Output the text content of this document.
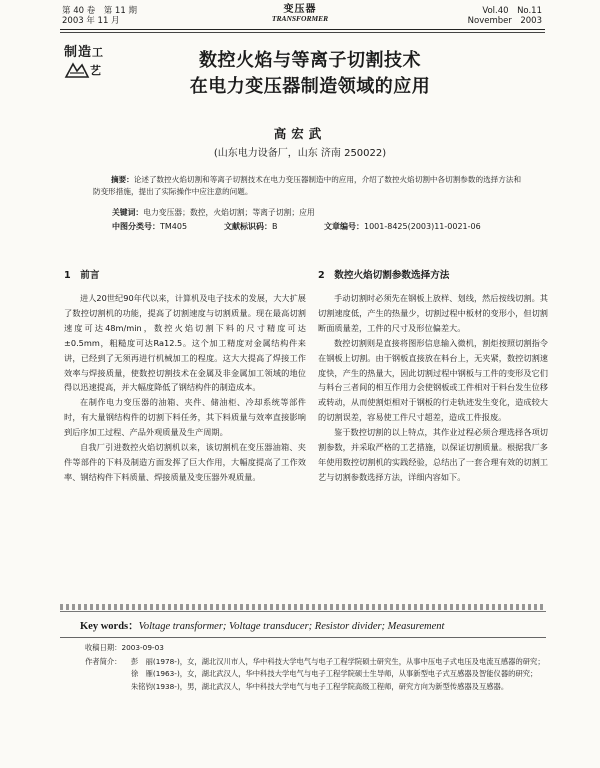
第 40 卷　第 11 期
2003 年 11 月
变压器
TRANSFORMER
Vol.40　No.11
November　2003
制 造 工
艺	数控火焰与等离子切割技术
在电力变压器制造领域的应用
高宏武
(山东电力设备厂，山东 济南 250022)
摘要：论述了数控火焰切割和等离子切割技术在电力变压器制造中的应用，介绍了数控火焰切割中各切割参数的选择方法和防变形措施，提出了实际操作中应注意的问题。
关键词：电力变压器；数控，火焰切割；等离子切割；应用
中图分类号：TM405	文献标识码：B	文章编号：1001-8425(2003)11-0021-06
1　前言

进人20世纪90年代以来，计算机及电子技术的发展，大大扩展了数控切割机的功能，提高了切割速度与切割质量。现在最高切割速度可达48m/min，数控火焰切割下料的尺寸精度可达±0.5mm，粗糙度可达Ra12.5。这个加工精度对金属结构件来讲，已经到了无须再进行机械加工的程度。这大大提高了焊接工作效率与焊接质量，使数控切割技术在金属及非金属加工领域的地位得以迅速提高，并大幅度降低了钢结构件的制造成本。

在制作电力变压器的油箱、夹件、储油柜、冷却系统等部件时，有大量钢结构件的切割下料任务，其下料质量与效率直接影响到后序加工过程、产品外观质量及生产周期。

自我厂引进数控火焰切割机以来，该切割机在变压器油箱、夹件等部件的下料及制造方面发挥了巨大作用，大幅度提高了工作效率、钢结构件下料质量、焊接质量及变压器外观质量。

2　数控火焰切割参数选择方法

手动切割时必须先在钢板上放样、划线，然后按线切割。其切割速度低，产生的热量少，切割过程中板材的变形小，但切割断面质量差，工件的尺寸及形位偏差大。

数控切割则是直接将图形信息输入微机，割炬按照切割指令在钢板上切割。由于钢板直接放在料台上，无夹紧，数控切割速度快，产生的热量大，因此切割过程中钢板与工件的变形及它们与料台三者间的相互作用力会使钢板或工件相对于料台发生位移或转动，从而使割炬相对于钢板的行走轨迹发生变化，造成较大的切割误差，容易使工件尺寸超差，造成工件报废。

鉴于数控切割的以上特点，其作业过程必须合理选择各项切割参数，并采取严格的工艺措施，以保证切割质量。根据我厂多年使用数控切割机的实践经验，总结出了一套合理有效的切割工艺与切割参数选择方法，详细内容如下。

Key words：Voltage transformer; Voltage transducer; Resistor divider; Measurement
收稿日期：2003-09-03
作者简介：	彭　丽(1978-)，女，湖北汉川市人，华中科技大学电气与电子工程学院硕士研究生，从事中压电子式电压及电流互感器的研究；
徐　雁(1963-)，女，湖北武汉人，华中科技大学电气与电子工程学院硕士生导师，从事新型电子式互感器及智能仪器的研究；
朱铭钧(1938-)，男，湖北武汉人，华中科技大学电气与电子工程学院高级工程师，研究方向为新型传感器及互感器。
